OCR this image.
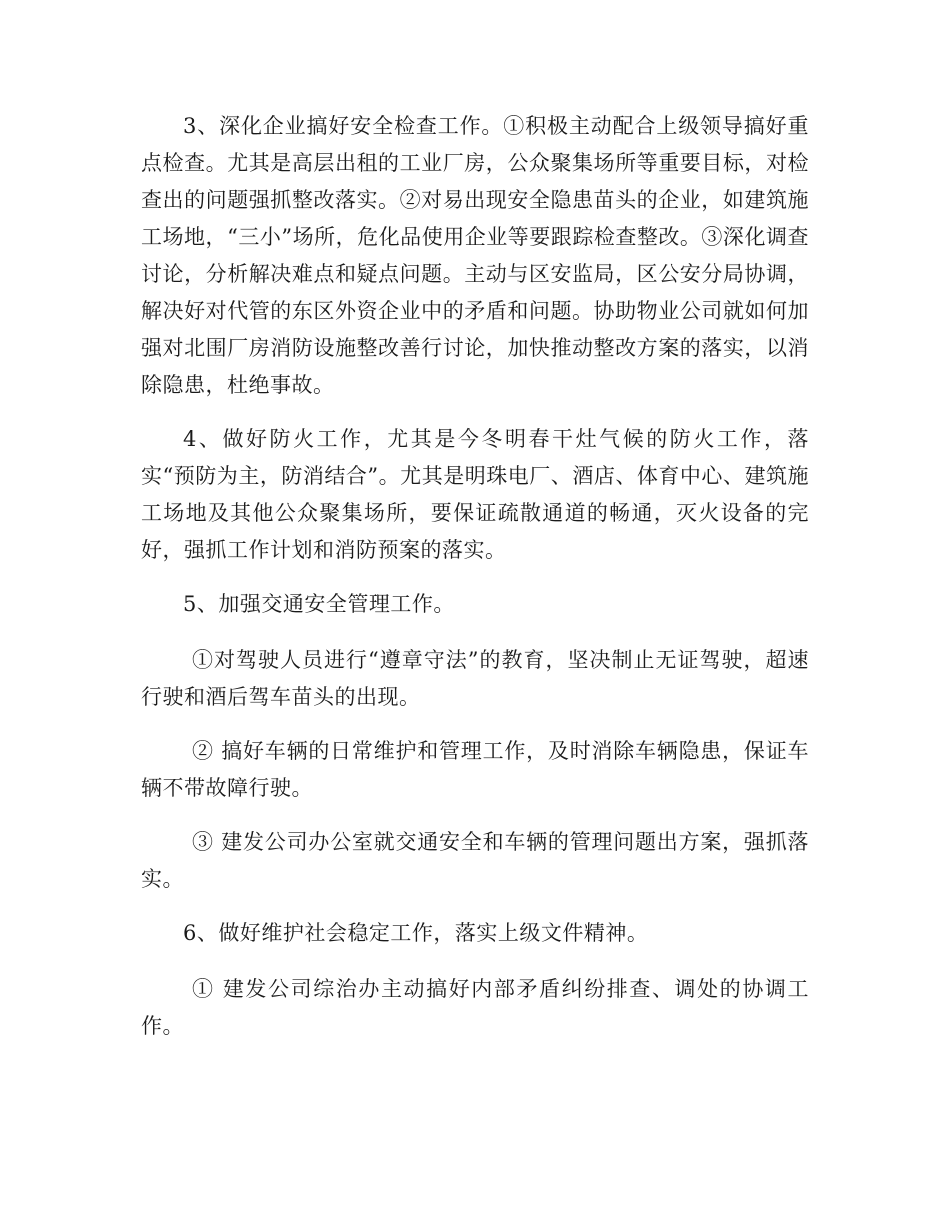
3、深化企业搞好安全检查工作。①积极主动配合上级领导搞好重点检查。尤其是高层出租的工业厂房，公众聚集场所等重要目标，对检查出的问题强抓整改落实。②对易出现安全隐患苗头的企业，如建筑施工场地，“三小”场所，危化品使用企业等要跟踪检查整改。③深化调查讨论，分析解决难点和疑点问题。主动与区安监局，区公安分局协调，解决好对代管的东区外资企业中的矛盾和问题。协助物业公司就如何加强对北围厂房消防设施整改善行讨论，加快推动整改方案的落实，以消除隐患，杜绝事故。

4、做好防火工作，尤其是今冬明春干灶气候的防火工作，落实“预防为主，防消结合”。尤其是明珠电厂、酒店、体育中心、建筑施工场地及其他公众聚集场所，要保证疏散通道的畅通，灭火设备的完好，强抓工作计划和消防预案的落实。

5、加强交通安全管理工作。

①对驾驶人员进行“遵章守法”的教育，坚决制止无证驾驶，超速行驶和酒后驾车苗头的出现。

② 搞好车辆的日常维护和管理工作，及时消除车辆隐患，保证车辆不带故障行驶。

③ 建发公司办公室就交通安全和车辆的管理问题出方案，强抓落实。

6、做好维护社会稳定工作，落实上级文件精神。

① 建发公司综治办主动搞好内部矛盾纠纷排查、调处的协调工作。
